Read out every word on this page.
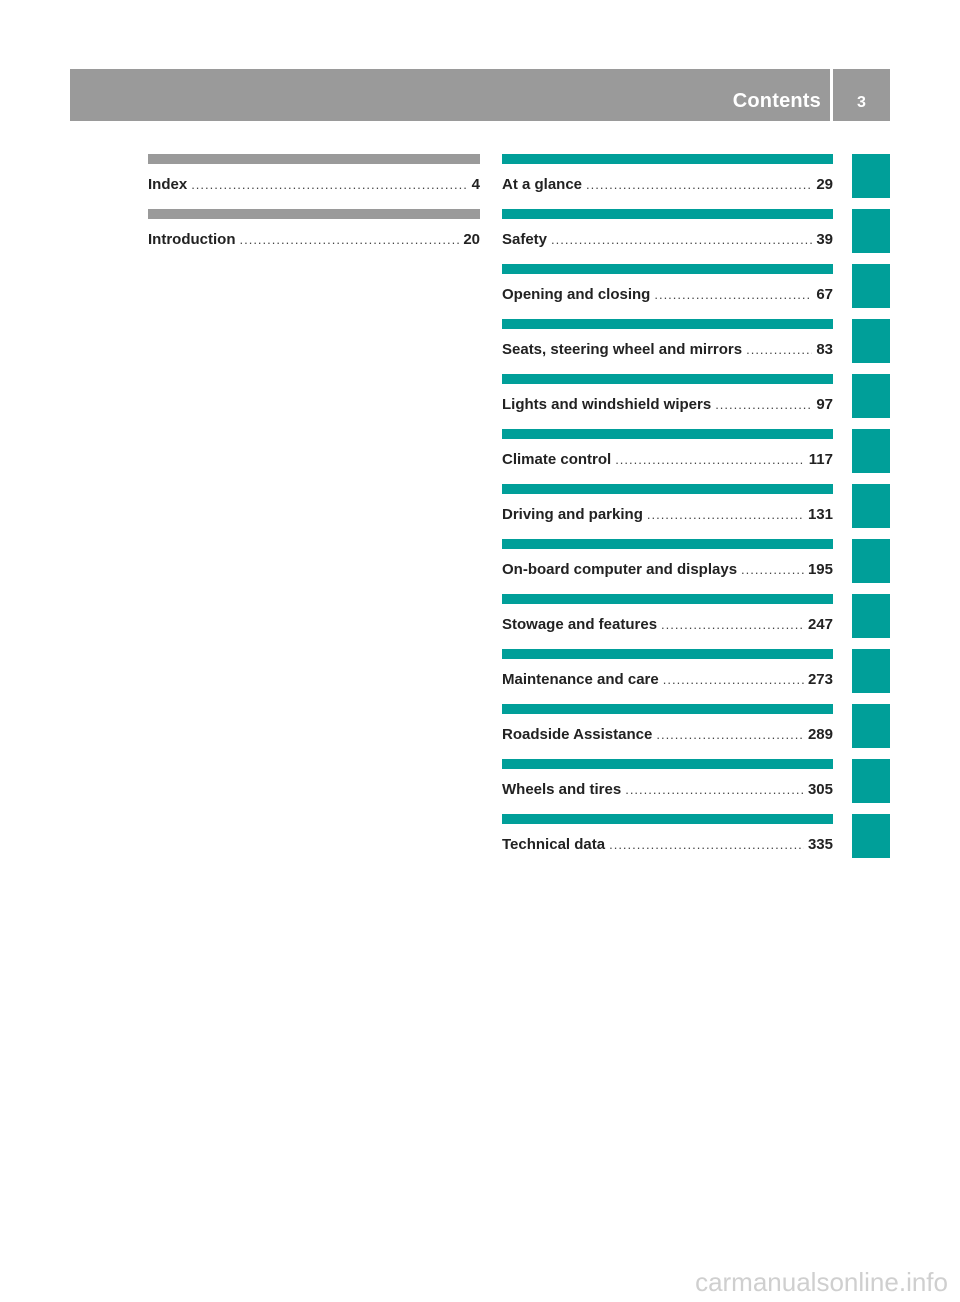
Contents	3
Index .....	4
Introduction .....	20
At a glance .....	29
Safety .....	39
Opening and closing .....	67
Seats, steering wheel and mirrors .....	83
Lights and windshield wipers .....	97
Climate control .....	117
Driving and parking .....	131
On-board computer and displays .....	195
Stowage and features .....	247
Maintenance and care .....	273
Roadside Assistance .....	289
Wheels and tires .....	305
Technical data .....	335
carmanualsonline.info
